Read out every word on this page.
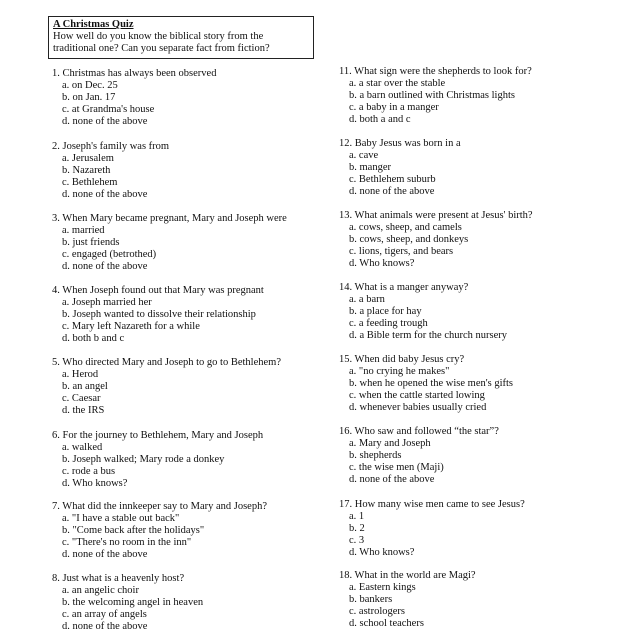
A Christmas Quiz
How well do you know the biblical story from the
traditional one? Can you separate fact from fiction?
1. Christmas has always been observed
a. on Dec. 25
b. on Jan. 17
c. at Grandma's house
d. none of the above
2. Joseph's family was from
a. Jerusalem
b. Nazareth
c. Bethlehem
d. none of the above
3. When Mary became pregnant, Mary and Joseph were
a. married
b. just friends
c. engaged (betrothed)
d. none of the above
4. When Joseph found out that Mary was pregnant
a. Joseph married her
b. Joseph wanted to dissolve their relationship
c. Mary left Nazareth for a while
d. both b and c
5. Who directed Mary and Joseph to go to Bethlehem?
a. Herod
b. an angel
c. Caesar
d. the IRS
6. For the journey to Bethlehem, Mary and Joseph
a. walked
b. Joseph walked; Mary rode a donkey
c. rode a bus
d. Who knows?
7. What did the innkeeper say to Mary and Joseph?
a. "I have a stable out back"
b. "Come back after the holidays"
c. "There's no room in the inn"
d. none of the above
8. Just what is a heavenly host?
a. an angelic choir
b. the welcoming angel in heaven
c. an array of angels
d. none of the above
11. What sign were the shepherds to look for?
a. a star over the stable
b. a barn outlined with Christmas lights
c. a baby in a manger
d. both a and c
12. Baby Jesus was born in a
a. cave
b. manger
c. Bethlehem suburb
d. none of the above
13. What animals were present at Jesus' birth?
a. cows, sheep, and camels
b. cows, sheep, and donkeys
c. lions, tigers, and bears
d. Who knows?
14. What is a manger anyway?
a. a barn
b. a place for hay
c. a feeding trough
d. a Bible term for the church nursery
15. When did baby Jesus cry?
a. "no crying he makes"
b. when he opened the wise men's gifts
c. when the cattle started lowing
d. whenever babies usually cried
16. Who saw and followed “the star”?
a. Mary and Joseph
b. shepherds
c. the wise men (Maji)
d. none of the above
17. How many wise men came to see Jesus?
a. 1
b. 2
c. 3
d. Who knows?
18. What in the world are Magi?
a. Eastern kings
b. bankers
c. astrologers
d. school teachers
